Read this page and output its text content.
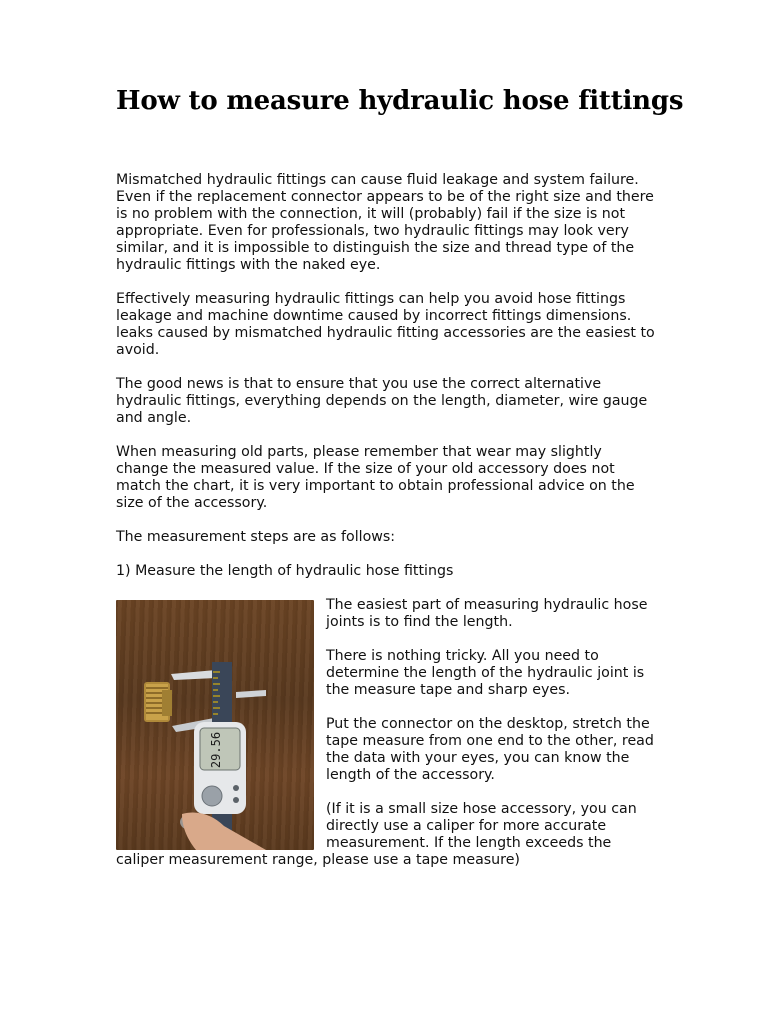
How to measure hydraulic hose fittings

Mismatched hydraulic fittings can cause fluid leakage and system failure. Even if the replacement connector appears to be of the right size and there is no problem with the connection, it will (probably) fail if the size is not appropriate. Even for professionals, two hydraulic fittings may look very similar, and it is impossible to distinguish the size and thread type of the hydraulic fittings with the naked eye.

Effectively measuring hydraulic fittings can help you avoid hose fittings leakage and machine downtime caused by incorrect fittings dimensions. leaks caused by mismatched hydraulic fitting accessories are the easiest to avoid.

The good news is that to ensure that you use the correct alternative hydraulic fittings, everything depends on the length, diameter, wire gauge and angle.

When measuring old parts, please remember that wear may slightly change the measured value. If the size of your old accessory does not match the chart, it is very important to obtain professional advice on the size of the accessory.

The measurement steps are as follows:

1) Measure the length of hydraulic hose fittings

29.56

The easiest part of measuring hydraulic hose joints is to find the length.

There is nothing tricky. All you need to determine the length of the hydraulic joint is the measure tape and sharp eyes.

Put the connector on the desktop, stretch the tape measure from one end to the other, read the data with your eyes, you can know the length of the accessory.

(If it is a small size hose accessory, you can directly use a caliper for more accurate measurement. If the length exceeds the caliper measurement range, please use a tape measure)
